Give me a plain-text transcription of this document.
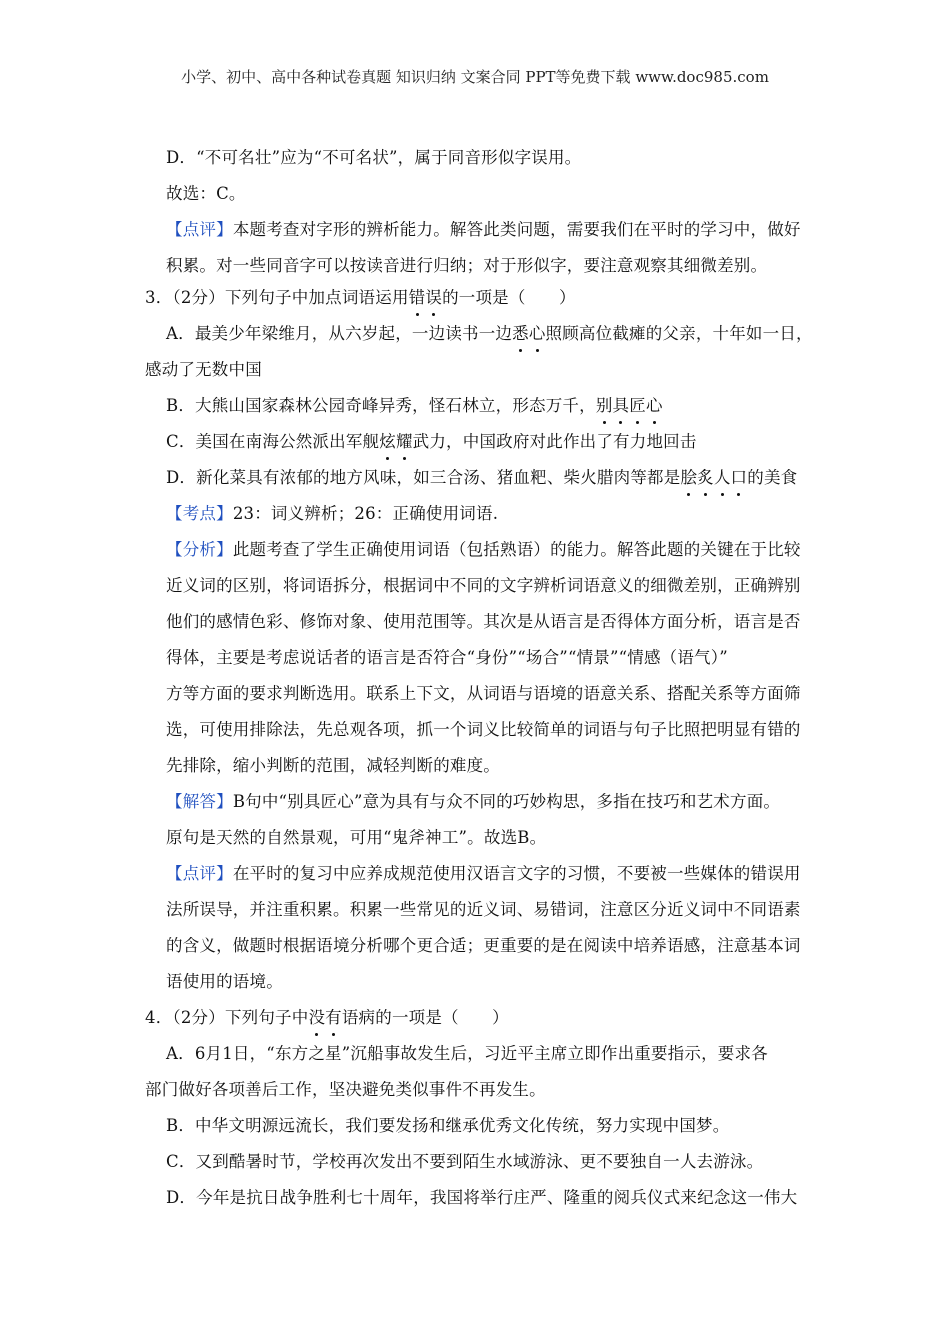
小学、初中、高中各种试卷真题 知识归纳 文案合同 PPT等免费下载 www.doc985.com
D．“不可名壮”应为“不可名状”，属于同音形似字误用。
故选：C。
【点评】本题考查对字形的辨析能力。解答此类问题，需要我们在平时的学习中，做好
积累。对一些同音字可以按读音进行归纳；对于形似字，要注意观察其细微差别。
3．（2分）下列句子中加点词语运用错误的一项是（　　）
A．最美少年梁维月，从六岁起，一边读书一边悉心照顾高位截瘫的父亲，十年如一日，
感动了无数中国
B．大熊山国家森林公园奇峰异秀，怪石林立，形态万千，别具匠心
C．美国在南海公然派出军舰炫耀武力，中国政府对此作出了有力地回击
D．新化菜具有浓郁的地方风味，如三合汤、猪血粑、柴火腊肉等都是脍炙人口的美食
【考点】23：词义辨析；26：正确使用词语.
【分析】此题考查了学生正确使用词语（包括熟语）的能力。解答此题的关键在于比较
近义词的区别，将词语拆分，根据词中不同的文字辨析词语意义的细微差别，正确辨别
他们的感情色彩、修饰对象、使用范围等。其次是从语言是否得体方面分析，语言是否
得体，主要是考虑说话者的语言是否符合“身份”“场合”“情景”“情感（语气）”
方等方面的要求判断选用。联系上下文，从词语与语境的语意关系、搭配关系等方面筛
选，可使用排除法，先总观各项，抓一个词义比较简单的词语与句子比照把明显有错的
先排除，缩小判断的范围，减轻判断的难度。
【解答】B句中“别具匠心”意为具有与众不同的巧妙构思，多指在技巧和艺术方面。
原句是天然的自然景观，可用“鬼斧神工”。故选B。
【点评】在平时的复习中应养成规范使用汉语言文字的习惯，不要被一些媒体的错误用
法所误导，并注重积累。积累一些常见的近义词、易错词，注意区分近义词中不同语素
的含义，做题时根据语境分析哪个更合适；更重要的是在阅读中培养语感，注意基本词
语使用的语境。
4．（2分）下列句子中没有语病的一项是（　　）
A．6月1日，“东方之星”沉船事故发生后，习近平主席立即作出重要指示，要求各
部门做好各项善后工作，坚决避免类似事件不再发生。
B．中华文明源远流长，我们要发扬和继承优秀文化传统，努力实现中国梦。
C．又到酷暑时节，学校再次发出不要到陌生水域游泳、更不要独自一人去游泳。
D．今年是抗日战争胜利七十周年，我国将举行庄严、隆重的阅兵仪式来纪念这一伟大
